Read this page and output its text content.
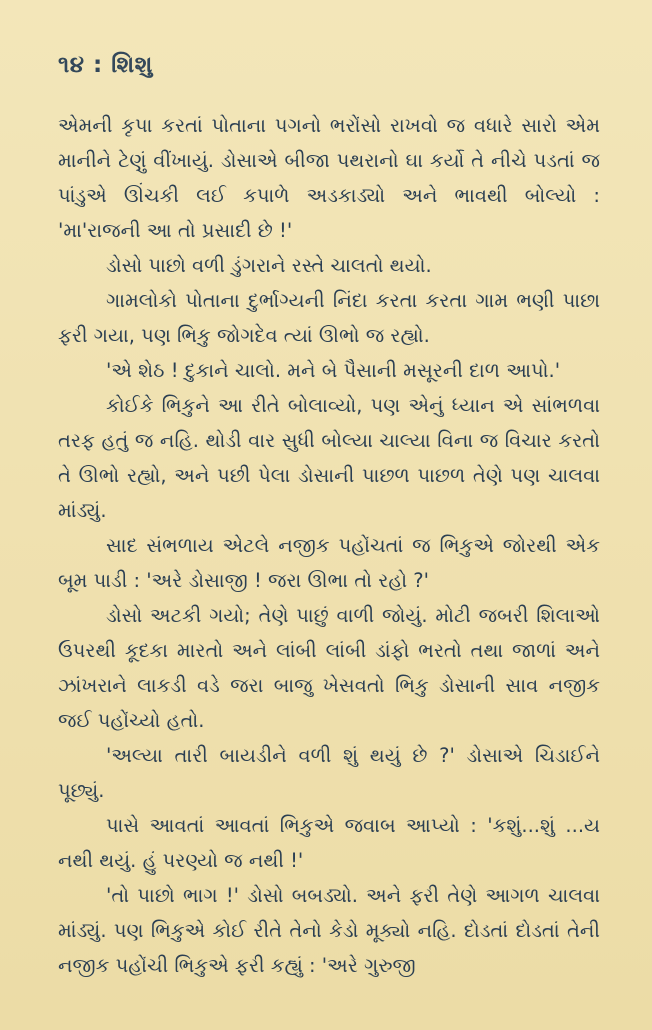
૧૪ : શિશુ

એમની કૃપા કરતાં પોતાના પગનો ભરોંસો રાખવો જ વધારે સારો એમ માનીને ટેણું વીંખાયું. ડોસાએ બીજા પથરાનો ઘા કર્યો તે નીચે પડતાં જ પાંડુએ ઊંચકી લઈ કપાળે અડકાડ્યો અને ભાવથી બોલ્યો : 'મા'રાજની આ તો પ્રસાદી છે !'

ડોસો પાછો વળી ડુંગરાને રસ્તે ચાલતો થયો.

ગામલોકો પોતાના દુર્ભાગ્યની નિંદા કરતા કરતા ગામ ભણી પાછા ફરી ગયા, પણ ભિકુ જોગદેવ ત્યાં ઊભો જ રહ્યો.

'એ શેઠ ! દુકાને ચાલો. મને બે પૈસાની મસૂરની દાળ આપો.'

કોઈકે ભિકુને આ રીતે બોલાવ્યો, પણ એનું ધ્યાન એ સાંભળવા તરફ હતું જ નહિ. થોડી વાર સુધી બોલ્યા ચાલ્યા વિના જ વિચાર કરતો તે ઊભો રહ્યો, અને પછી પેલા ડોસાની પાછળ પાછળ તેણે પણ ચાલવા માંડ્યું.

સાદ સંભળાય એટલે નજીક પહોંચતાં જ ભિકુએ જોરથી એક બૂમ પાડી : 'અરે ડોસાજી ! જરા ઊભા તો રહો ?'

ડોસો અટકી ગયો; તેણે પાછું વાળી જોયું. મોટી જબરી શિલાઓ ઉપરથી કૂદકા મારતો અને લાંબી લાંબી ડાંફો ભરતો તથા જાળાં અને ઝાંખરાને લાકડી વડે જરા બાજુ ખેસવતો ભિકુ ડોસાની સાવ નજીક જઈ પહોંચ્યો હતો.

'અલ્યા તારી બાયડીને વળી શું થયું છે ?' ડોસાએ ચિડાઈને પૂછ્યું.

પાસે આવતાં આવતાં ભિકુએ જવાબ આપ્યો : 'કશું...શું ...ય નથી થયું. હું પરણ્યો જ નથી !'

'તો પાછો ભાગ !' ડોસો બબડ્યો. અને ફરી તેણે આગળ ચાલવા માંડ્યું. પણ ભિકુએ કોઈ રીતે તેનો કેડો મૂક્યો નહિ. દોડતાં દોડતાં તેની નજીક પહોંચી ભિકુએ ફરી કહ્યું : 'અરે ગુરુજી
